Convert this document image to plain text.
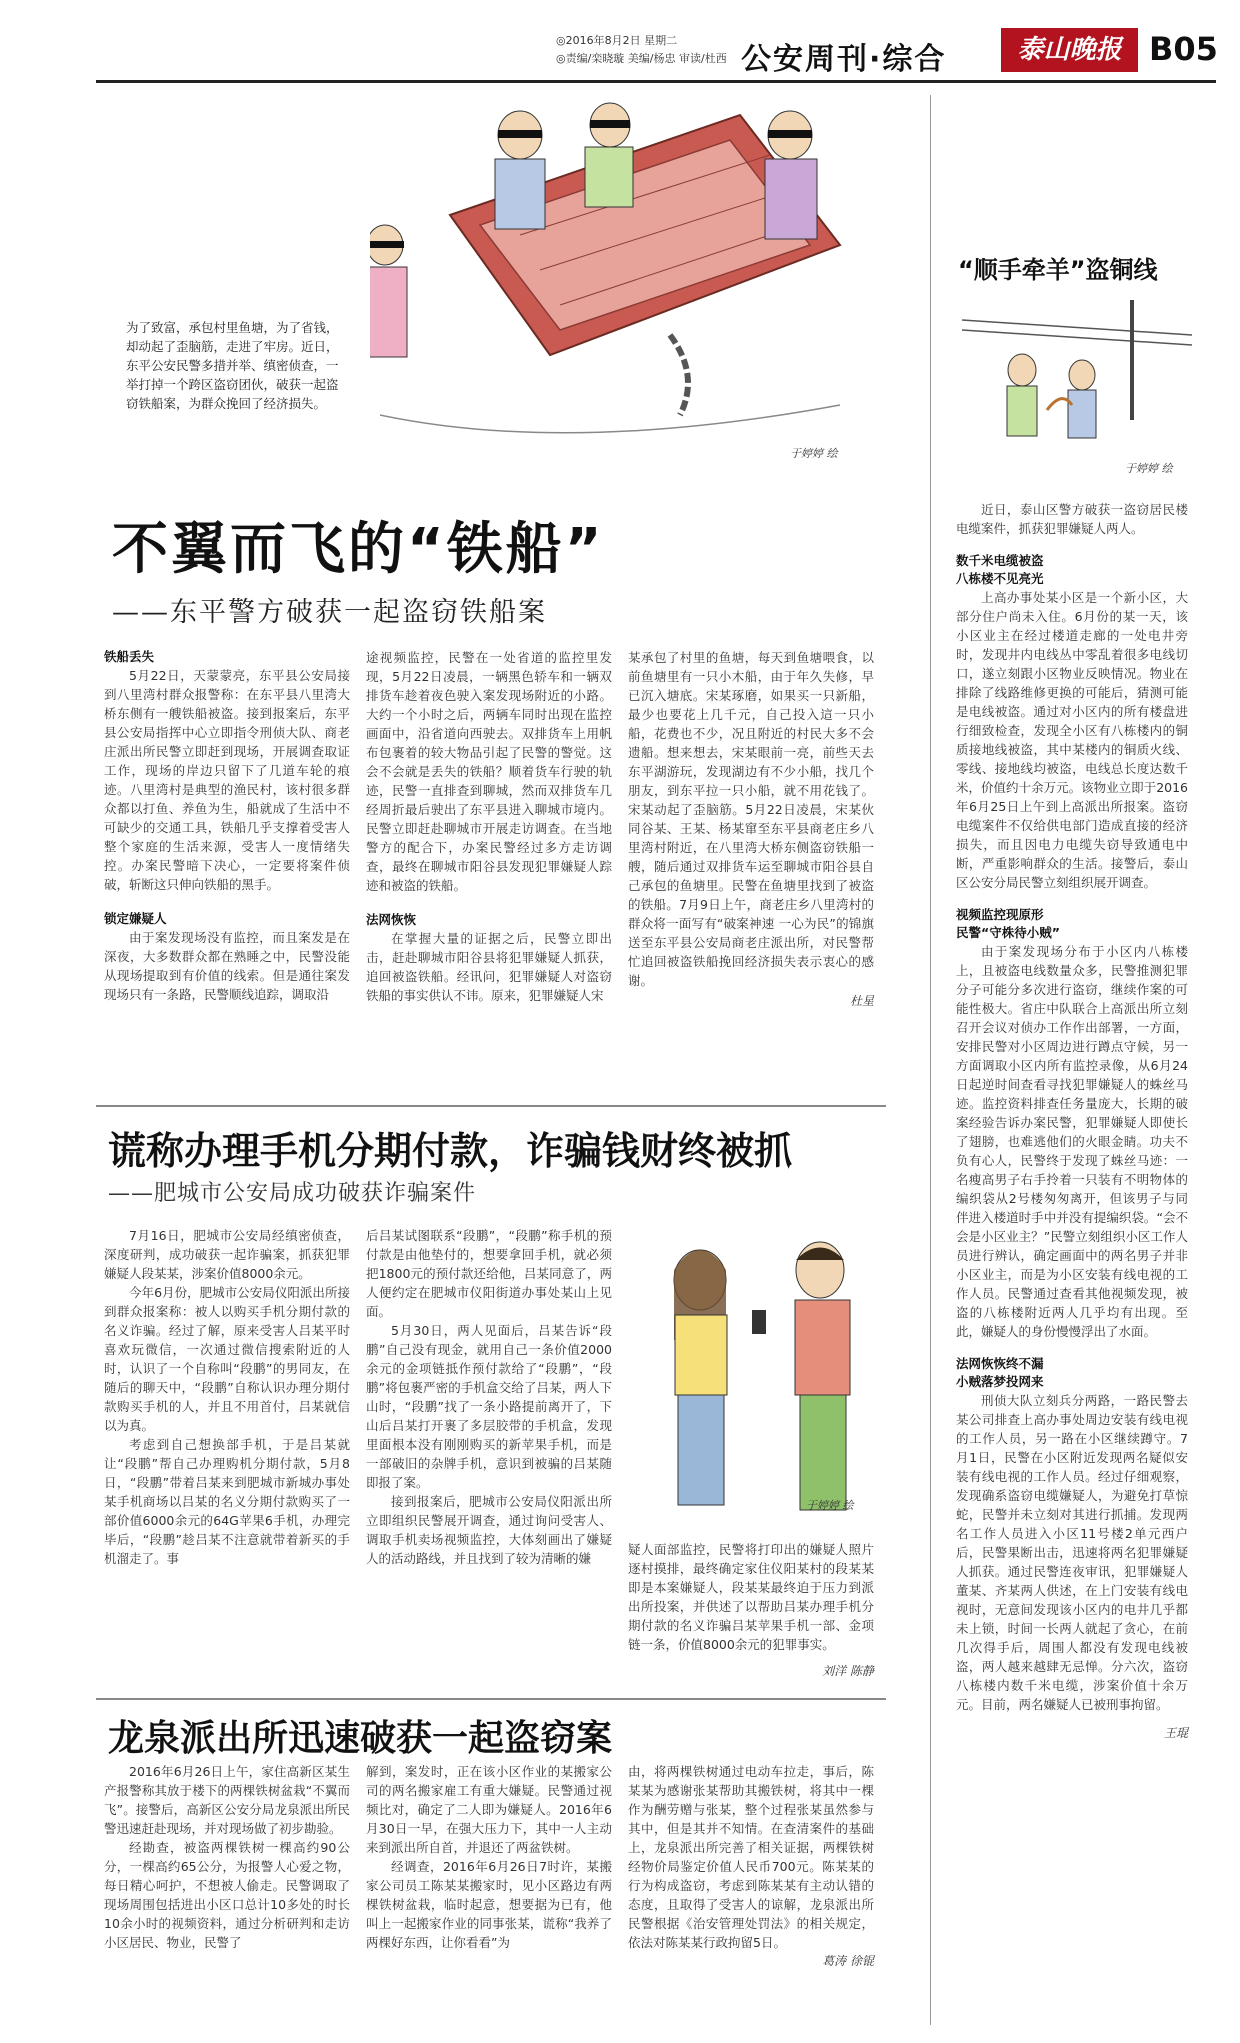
◎2016年8月2日 星期二
◎责编/栾晓璇 美编/杨忠 审读/杜西 公安周刊·综合	泰山晚报 B05
为了致富，承包村里鱼塘，为了省钱，却动起了歪脑筋，走进了牢房。近日，东平公安民警多措并举、缜密侦查，一举打掉一个跨区盗窃团伙，破获一起盗窃铁船案，为群众挽回了经济损失。
于婷婷 绘
不翼而飞的“铁船”
——东平警方破获一起盗窃铁船案
铁船丢失
5月22日，天蒙蒙亮，东平县公安局接到八里湾村群众报警称：在东平县八里湾大桥东侧有一艘铁船被盗。接到报案后，东平县公安局指挥中心立即指令刑侦大队、商老庄派出所民警立即赶到现场，开展调查取证工作，现场的岸边只留下了几道车轮的痕迹。八里湾村是典型的渔民村，该村很多群众都以打鱼、养鱼为生，船就成了生活中不可缺少的交通工具，铁船几乎支撑着受害人整个家庭的生活来源，受害人一度情绪失控。办案民警暗下决心，一定要将案件侦破，斩断这只伸向铁船的黑手。
锁定嫌疑人
由于案发现场没有监控，而且案发是在深夜，大多数群众都在熟睡之中，民警没能从现场提取到有价值的线索。但是通往案发现场只有一条路，民警顺线追踪，调取沿
途视频监控，民警在一处省道的监控里发现，5月22日凌晨，一辆黑色轿车和一辆双排货车趁着夜色驶入案发现场附近的小路。大约一个小时之后，两辆车同时出现在监控画面中，沿省道向西驶去。双排货车上用帆布包裹着的较大物品引起了民警的警觉。这会不会就是丢失的铁船？顺着货车行驶的轨迹，民警一直排查到聊城，然而双排货车几经周折最后驶出了东平县进入聊城市境内。民警立即赶赴聊城市开展走访调查。在当地警方的配合下，办案民警经过多方走访调查，最终在聊城市阳谷县发现犯罪嫌疑人踪迹和被盗的铁船。
法网恢恢
在掌握大量的证据之后，民警立即出击，赶赴聊城市阳谷县将犯罪嫌疑人抓获，追回被盗铁船。经讯问，犯罪嫌疑人对盗窃铁船的事实供认不讳。原来，犯罪嫌疑人宋
某承包了村里的鱼塘，每天到鱼塘喂食，以前鱼塘里有一只小木船，由于年久失修，早已沉入塘底。宋某琢磨，如果买一只新船，最少也要花上几千元，自己投入這一只小船，花费也不少，况且附近的村民大多不会遗船。想来想去，宋某眼前一亮，前些天去东平湖游玩，发现湖边有不少小船，找几个朋友，到东平拉一只小船，就不用花钱了。宋某动起了歪脑筋。5月22日凌晨，宋某伙同谷某、王某、杨某窜至东平县商老庄乡八里湾村附近，在八里湾大桥东侧盗窃铁船一艘，随后通过双排货车运至聊城市阳谷县自己承包的鱼塘里。民警在鱼塘里找到了被盗的铁船。7月9日上午，商老庄乡八里湾村的群众将一面写有“破案神速 一心为民”的锦旗送至东平县公安局商老庄派出所，对民警帮忙追回被盗铁船挽回经济损失表示衷心的感谢。
杜星
谎称办理手机分期付款，诈骗钱财终被抓
——肥城市公安局成功破获诈骗案件
7月16日，肥城市公安局经缜密侦查，深度研判，成功破获一起诈骗案，抓获犯罪嫌疑人段某某，涉案价值8000余元。
今年6月份，肥城市公安局仪阳派出所接到群众报案称：被人以购买手机分期付款的名义诈骗。经过了解，原来受害人吕某平时喜欢玩微信，一次通过微信搜索附近的人时，认识了一个自称叫“段鹏”的男同友，在随后的聊天中，“段鹏”自称认识办理分期付款购买手机的人，并且不用首付，吕某就信以为真。
考虑到自己想换部手机，于是吕某就让“段鹏”帮自己办理购机分期付款，5月8日，“段鹏”带着吕某来到肥城市新城办事处某手机商场以吕某的名义分期付款购买了一部价值6000余元的64G苹果6手机，办理完毕后，“段鹏”趁吕某不注意就带着新买的手机溜走了。事
后吕某试图联系“段鹏”，“段鹏”称手机的预付款是由他垫付的，想要拿回手机，就必须把1800元的预付款还给他，吕某同意了，两人便约定在肥城市仪阳街道办事处某山上见面。
5月30日，两人见面后，吕某告诉“段鹏”自己没有现金，就用自己一条价值2000余元的金项链抵作预付款给了“段鹏”，“段鹏”将包裹严密的手机盒交给了吕某，两人下山时，“段鹏”找了一条小路提前离开了，下山后吕某打开裹了多层胶带的手机盒，发现里面根本没有刚刚购买的新苹果手机，而是一部破旧的杂牌手机，意识到被骗的吕某随即报了案。
接到报案后，肥城市公安局仪阳派出所立即组织民警展开调查，通过询问受害人、调取手机卖场视频监控，大体刻画出了嫌疑人的活动路线，并且找到了较为清晰的嫌
于婷婷 绘
疑人面部监控，民警将打印出的嫌疑人照片逐村摸排，最终确定家住仪阳某村的段某某即是本案嫌疑人，段某某最终迫于压力到派出所投案，并供述了以帮助吕某办理手机分期付款的名义诈骗吕某苹果手机一部、金项链一条，价值8000余元的犯罪事实。
刘洋 陈静
龙泉派出所迅速破获一起盗窃案
2016年6月26日上午，家住高新区某生产报警称其放于楼下的两棵铁树盆栽“不翼而飞”。接警后，高新区公安分局龙泉派出所民警迅速赶赴现场，并对现场做了初步勘验。
经勘查，被盗两棵铁树一棵高约90公分，一棵高约65公分，为报警人心爱之物，每日精心呵护，不想被人偷走。民警调取了现场周围包括进出小区口总计10多处的时长10余小时的视频资料，通过分析研判和走访小区居民、物业，民警了
解到，案发时，正在该小区作业的某搬家公司的两名搬家雇工有重大嫌疑。民警通过视频比对，确定了二人即为嫌疑人。2016年6月30日一早，在强大压力下，其中一人主动来到派出所自首，并退还了两盆铁树。
经调查，2016年6月26日7时许，某搬家公司员工陈某某搬家时，见小区路边有两棵铁树盆栽，临时起意，想要据为已有，他叫上一起搬家作业的同事张某，谎称“我养了两棵好东西，让你看看”为
由，将两棵铁树通过电动车拉走，事后，陈某某为感谢张某帮助其搬铁树，将其中一棵作为酬劳赠与张某，整个过程张某虽然参与其中，但是其并不知情。在查清案件的基础上，龙泉派出所完善了相关证据，两棵铁树经物价局鉴定价值人民币700元。陈某某的行为构成盗窃，考虑到陈某某有主动认错的态度，且取得了受害人的谅解，龙泉派出所民警根据《治安管理处罚法》的相关规定，依法对陈某某行政拘留5日。
葛涛 徐锟
“顺手牵羊”盗铜线
于婷婷 绘
近日，泰山区警方破获一盗窃居民楼电缆案件，抓获犯罪嫌疑人两人。
数千米电缆被盗
八栋楼不见亮光
上高办事处某小区是一个新小区，大部分住户尚未入住。6月份的某一天，该小区业主在经过楼道走廊的一处电井旁时，发现井内电线丛中零乱着很多电线切口，遂立刻跟小区物业反映情况。物业在排除了线路维修更换的可能后，猜测可能是电线被盗。通过对小区内的所有楼盘进行细致检查，发现全小区有八栋楼内的铜质接地线被盗，其中某楼内的铜质火线、零线、接地线均被盗，电线总长度达数千米，价值约十余万元。该物业立即于2016年6月25日上午到上高派出所报案。盗窃电缆案件不仅给供电部门造成直接的经济损失，而且因电力电缆失窃导致通电中断，严重影响群众的生活。接警后，泰山区公安分局民警立刻组织展开调查。
视频监控现原形
民警“守株待小贼”
由于案发现场分布于小区内八栋楼上，且被盗电线数量众多，民警推测犯罪分子可能分多次进行盗窃，继续作案的可能性极大。省庄中队联合上高派出所立刻召开会议对侦办工作作出部署，一方面，安排民警对小区周边进行蹲点守候，另一方面调取小区内所有监控录像，从6月24日起逆时间查看寻找犯罪嫌疑人的蛛丝马迹。监控资料排查任务量庞大，长期的破案经验告诉办案民警，犯罪嫌疑人即使长了翅膀，也难逃他们的火眼金睛。功夫不负有心人，民警终于发现了蛛丝马迹：一名瘦高男子右手拎着一只装有不明物体的编织袋从2号楼匆匆离开，但该男子与同伴进入楼道时手中并没有提编织袋。“会不会是小区业主？”民警立刻组织小区工作人员进行辨认，确定画面中的两名男子并非小区业主，而是为小区安装有线电视的工作人员。民警通过查看其他视频发现，被盗的八栋楼附近两人几乎均有出现。至此，嫌疑人的身份慢慢浮出了水面。
法网恢恢终不漏
小贼落梦投网来
刑侦大队立刻兵分两路，一路民警去某公司排查上高办事处周边安装有线电视的工作人员，另一路在小区继续蹲守。7月1日，民警在小区附近发现两名疑似安装有线电视的工作人员。经过仔细观察，发现确系盗窃电缆嫌疑人，为避免打草惊蛇，民警并未立刻对其进行抓捕。发现两名工作人员进入小区11号楼2单元西户后，民警果断出击，迅速将两名犯罪嫌疑人抓获。通过民警连夜审讯，犯罪嫌疑人董某、齐某两人供述，在上门安装有线电视时，无意间发现该小区内的电井几乎都未上锁，时间一长两人就起了贪心，在前几次得手后，周围人都没有发现电线被盗，两人越来越肆无忌惮。分六次，盗窃八栋楼内数千米电缆，涉案价值十余万元。目前，两名嫌疑人已被刑事拘留。
王琨
